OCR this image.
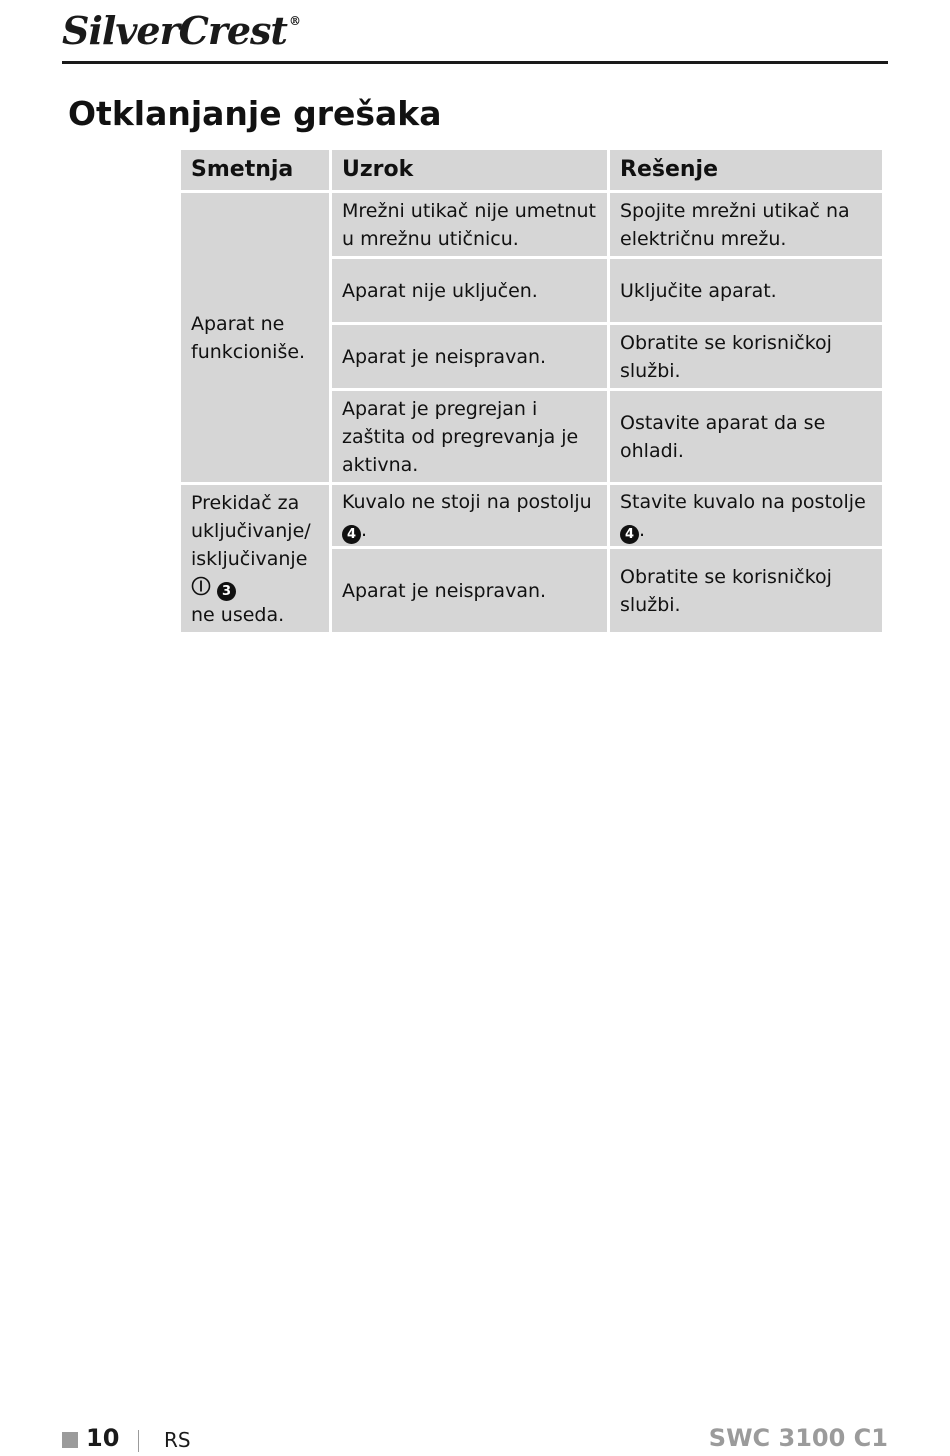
SilverCrest ®
Otklanjanje grešaka
Smetnja	Uzrok	Rešenje
Aparat ne funkcioniše.	Mrežni utikač nije umetnut u mrežnu utičnicu.	Spojite mrežni utikač na električnu mrežu.
	Aparat nije uključen.	Uključite aparat.
	Aparat je neispravan.	Obratite se korisničkoj službi.
	Aparat je pregrejan i zaštita od pregrevanja je aktivna.	Ostavite aparat da se ohladi.
Prekidač za uključivanje/ isključivanje
3
ne useda.	Kuvalo ne stoji na postolju 4 .	Stavite kuvalo na postolje 4 .
	Aparat je neispravan.	Obratite se korisničkoj službi.
10 RS	SWC 3100 C1
